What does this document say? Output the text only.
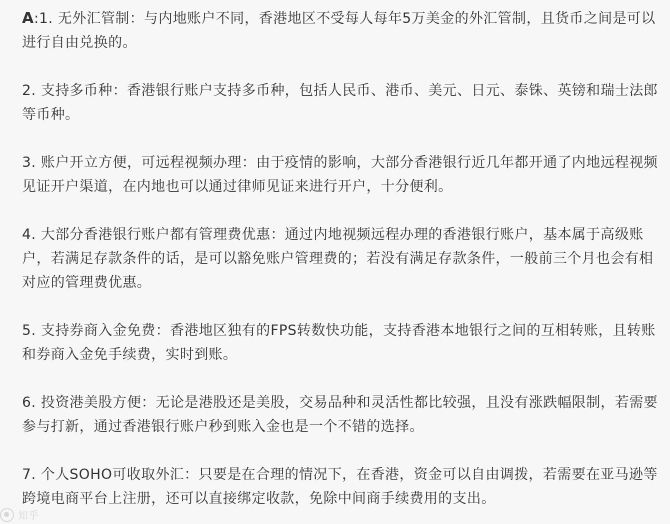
A:1. 无外汇管制：与内地账户不同，香港地区不受每人每年5万美金的外汇管制，且货币之间是可以进行自由兑换的。

2. 支持多币种：香港银行账户支持多币种，包括人民币、港币、美元、日元、泰铢、英镑和瑞士法郎等币种。

3. 账户开立方便，可远程视频办理：由于疫情的影响，大部分香港银行近几年都开通了内地远程视频见证开户渠道，在内地也可以通过律师见证来进行开户，十分便利。

4. 大部分香港银行账户都有管理费优惠：通过内地视频远程办理的香港银行账户，基本属于高级账户，若满足存款条件的话，是可以豁免账户管理费的；若没有满足存款条件，一般前三个月也会有相对应的管理费优惠。

5. 支持券商入金免费：香港地区独有的FPS转数快功能，支持香港本地银行之间的互相转账，且转账和券商入金免手续费，实时到账。

6. 投资港美股方便：无论是港股还是美股，交易品种和灵活性都比较强，且没有涨跌幅限制，若需要参与打新，通过香港银行账户秒到账入金也是一个不错的选择。

7. 个人SOHO可收取外汇：只要是在合理的情况下，在香港，资金可以自由调拨，若需要在亚马逊等跨境电商平台上注册，还可以直接绑定收款，免除中间商手续费用的支出。

知乎
